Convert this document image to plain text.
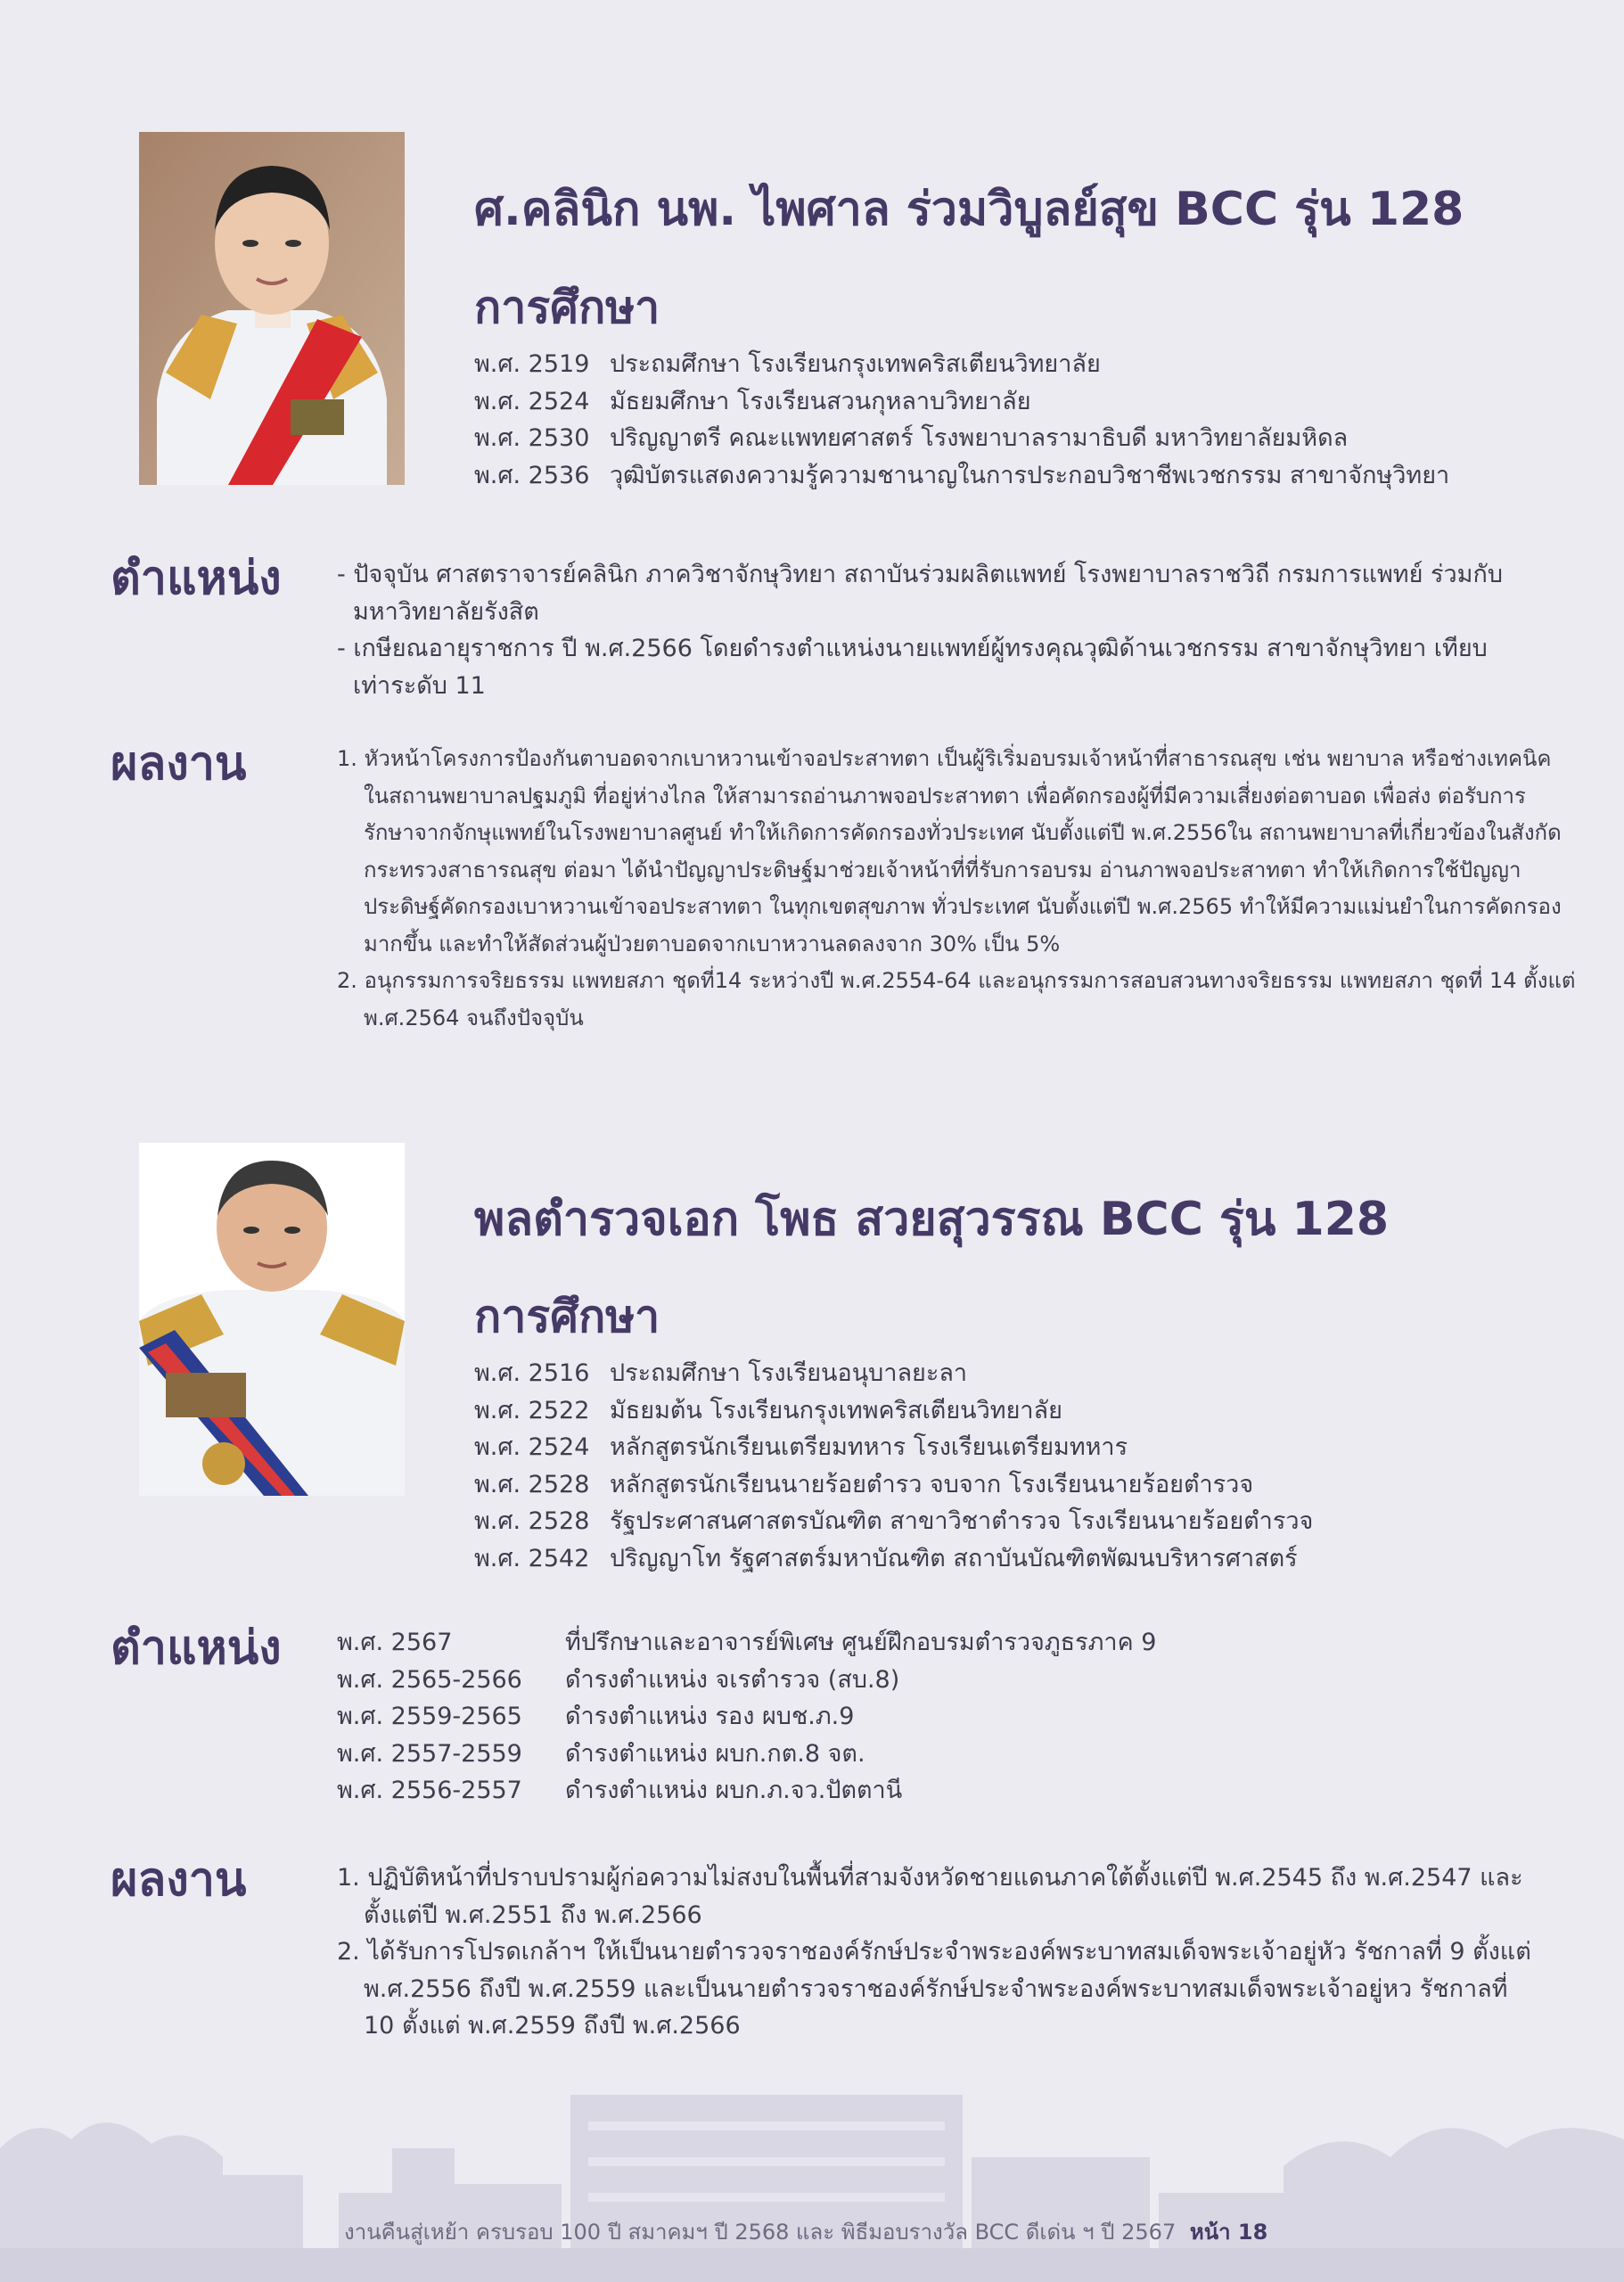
ศ.คลินิก นพ. ไพศาล ร่วมวิบูลย์สุข BCC รุ่น 128
การศึกษา
พ.ศ. 2519 ประถมศึกษา โรงเรียนกรุงเทพคริสเตียนวิทยาลัย
พ.ศ. 2524 มัธยมศึกษา โรงเรียนสวนกุหลาบวิทยาลัย
พ.ศ. 2530 ปริญญาตรี คณะแพทยศาสตร์ โรงพยาบาลรามาธิบดี มหาวิทยาลัยมหิดล
พ.ศ. 2536 วุฒิบัตรแสดงความรู้ความชานาญในการประกอบวิชาชีพเวชกรรม สาขาจักษุวิทยา
ตำแหน่ง - ปัจจุบัน ศาสตราจารย์คลินิก ภาควิชาจักษุวิทยา สถาบันร่วมผลิตแพทย์ โรงพยาบาลราชวิถี กรมการแพทย์ ร่วมกับมหาวิทยาลัยรังสิต
- เกษียณอายุราชการ ปี พ.ศ.2566 โดยดำรงตำแหน่งนายแพทย์ผู้ทรงคุณวุฒิด้านเวชกรรม สาขาจักษุวิทยา เทียบเท่าระดับ 11
ผลงาน	1. หัวหน้าโครงการป้องกันตาบอดจากเบาหวานเข้าจอประสาทตา เป็นผู้ริเริ่มอบรมเจ้าหน้าที่สาธารณสุข เช่น พยาบาล หรือช่างเทคนิคในสถานพยาบาลปฐมภูมิ ที่อยู่ห่างไกล ให้สามารถอ่านภาพจอประสาทตา เพื่อคัดกรองผู้ที่มีความเสี่ยงต่อตาบอด เพื่อส่ง ต่อรับการรักษาจากจักษุแพทย์ในโรงพยาบาลศูนย์ ทำให้เกิดการคัดกรองทั่วประเทศ นับตั้งแต่ปี พ.ศ.2556ใน สถานพยาบาลที่เกี่ยวข้องในสังกัดกระทรวงสาธารณสุข ต่อมา ได้นำปัญญาประดิษฐ์มาช่วยเจ้าหน้าที่ที่รับการอบรม อ่านภาพจอประสาทตา ทำให้เกิดการใช้ปัญญาประดิษฐ์คัดกรองเบาหวานเข้าจอประสาทตา ในทุกเขตสุขภาพ ทั่วประเทศ นับตั้งแต่ปี พ.ศ.2565 ทำให้มีความแม่นยำในการคัดกรองมากขึ้น และทำให้สัดส่วนผู้ป่วยตาบอดจากเบาหวานลดลงจาก 30% เป็น 5%
2. อนุกรรมการจริยธรรม แพทยสภา ชุดที่14 ระหว่างปี พ.ศ.2554-64 และอนุกรรมการสอบสวนทางจริยธรรม แพทยสภา ชุดที่ 14 ตั้งแต่ พ.ศ.2564 จนถึงปัจจุบัน
พลตำรวจเอก โพธ สวยสุวรรณ BCC รุ่น 128
การศึกษา
พ.ศ. 2516 ประถมศึกษา โรงเรียนอนุบาลยะลา
พ.ศ. 2522 มัธยมต้น โรงเรียนกรุงเทพคริสเตียนวิทยาลัย
พ.ศ. 2524 หลักสูตรนักเรียนเตรียมทหาร โรงเรียนเตรียมทหาร
พ.ศ. 2528 หลักสูตรนักเรียนนายร้อยตำรว จบจาก โรงเรียนนายร้อยตำรวจ
พ.ศ. 2528 รัฐประศาสนศาสตรบัณฑิต สาขาวิชาตำรวจ โรงเรียนนายร้อยตำรวจ
พ.ศ. 2542 ปริญญาโท รัฐศาสตร์มหาบัณฑิต สถาบันบัณฑิตพัฒนบริหารศาสตร์
ตำแหน่ง พ.ศ. 2567	ที่ปรึกษาและอาจารย์พิเศษ ศูนย์ฝึกอบรมตำรวจภูธรภาค 9
พ.ศ. 2565-2566 ดำรงตำแหน่ง จเรตำรวจ (สบ.8)
พ.ศ. 2559-2565 ดำรงตำแหน่ง รอง ผบช.ภ.9
พ.ศ. 2557-2559 ดำรงตำแหน่ง ผบก.กต.8 จต.
พ.ศ. 2556-2557 ดำรงตำแหน่ง ผบก.ภ.จว.ปัตตานี
ผลงาน	1. ปฏิบัติหน้าที่ปราบปรามผู้ก่อความไม่สงบในพื้นที่สามจังหวัดชายแดนภาคใต้ตั้งแต่ปี พ.ศ.2545 ถึง พ.ศ.2547 และ ตั้งแต่ปี พ.ศ.2551 ถึง พ.ศ.2566
2. ได้รับการโปรดเกล้าฯ ให้เป็นนายตำรวจราชองค์รักษ์ประจำพระองค์พระบาทสมเด็จพระเจ้าอยู่หัว รัชกาลที่ 9 ตั้งแต่ พ.ศ.2556 ถึงปี พ.ศ.2559 และเป็นนายตำรวจราชองค์รักษ์ประจำพระองค์พระบาทสมเด็จพระเจ้าอยู่หว รัชกาลที่ 10 ตั้งแต่ พ.ศ.2559 ถึงปี พ.ศ.2566
งานคืนสู่เหย้า ครบรอบ 100 ปี สมาคมฯ ปี 2568 และ พิธีมอบรางวัล BCC ดีเด่น ฯ ปี 2567 หน้า 18
